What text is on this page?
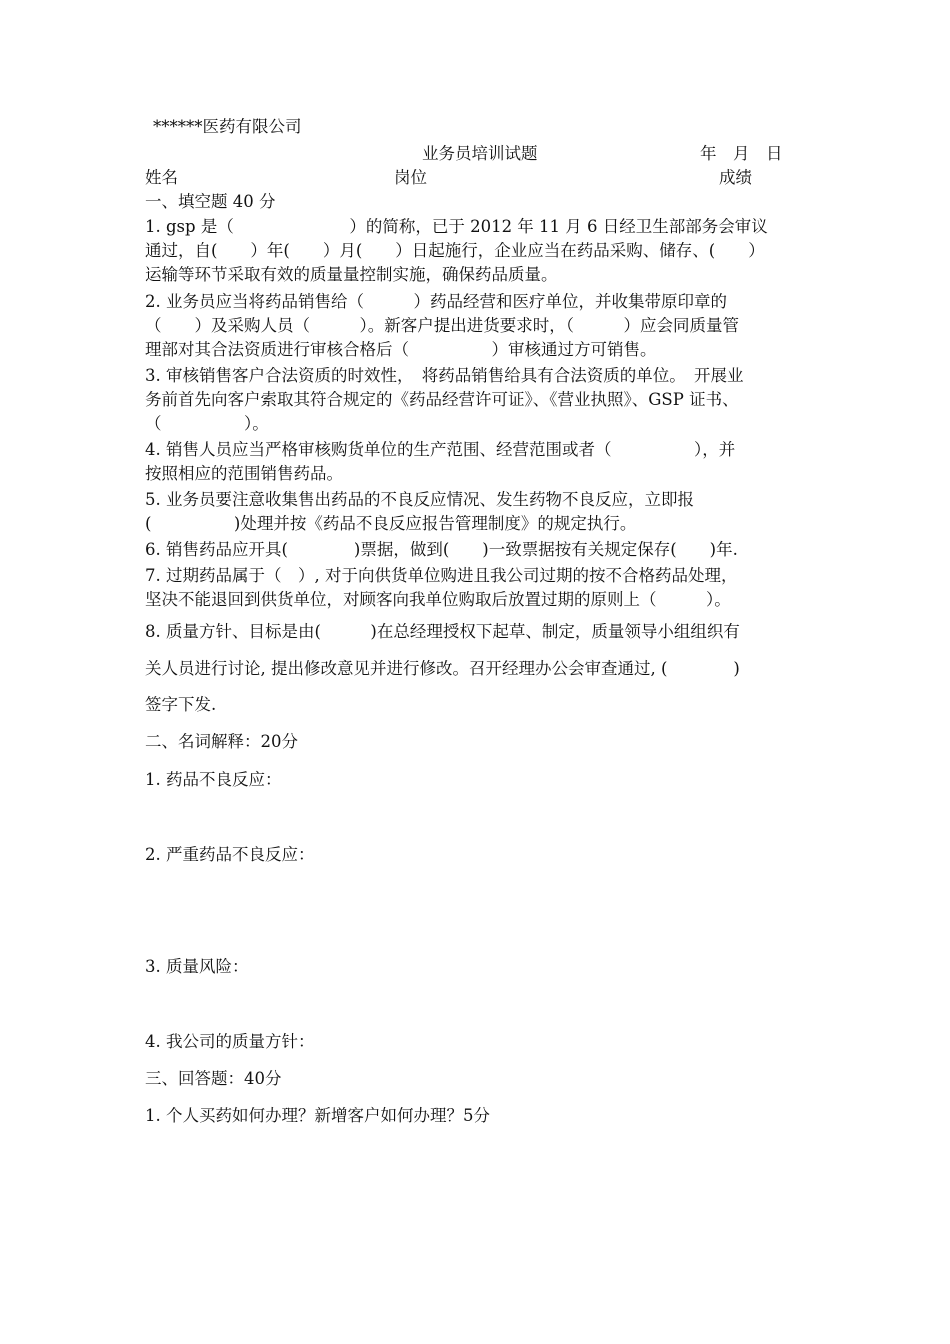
******医药有限公司
业务员培训试题	年　月　日
姓名	岗位	成绩
一、填空题 40 分
1. gsp 是（　　　　　　　）的简称，已于 2012 年 11 月 6 日经卫生部部务会审议
通过，自(　　）年(　　）月(　　）日起施行，企业应当在药品采购、储存、(　　）
运输等环节采取有效的质量量控制实施，确保药品质量。
2. 业务员应当将药品销售给（　　　）药品经营和医疗单位，并收集带原印章的
（　　）及采购人员（　　　）。新客户提出进货要求时，（　　　）应会同质量管
理部对其合法资质进行审核合格后（　　　　　）审核通过方可销售。
3. 审核销售客户合法资质的时效性，　将药品销售给具有合法资质的单位。　开展业
务前首先向客户索取其符合规定的《药品经营许可证》、《营业执照》、GSP 证书、
（　　　　　）。
4. 销售人员应当严格审核购货单位的生产范围、经营范围或者（　　　　　），并
按照相应的范围销售药品。
5. 业务员要注意收集售出药品的不良反应情况、发生药物不良反应，立即报
(　　　　　)处理并按《药品不良反应报告管理制度》的规定执行。
6. 销售药品应开具(　　　　)票据，做到(　　)一致票据按有关规定保存(　　)年.
7. 过期药品属于（　）, 对于向供货单位购进且我公司过期的按不合格药品处理，
坚决不能退回到供货单位，对顾客向我单位购取后放置过期的原则上（　　　）。
8. 质量方针、目标是由(　　　)在总经理授权下起草、制定，质量领导小组组织有
关人员进行讨论, 提出修改意见并进行修改。召开经理办公会审查通过, (　　　　)
签字下发.
二、名词解释：20分
1. 药品不良反应：
2. 严重药品不良反应：
3. 质量风险：
4. 我公司的质量方针：
三、回答题：40分
1. 个人买药如何办理？新增客户如何办理？5分
